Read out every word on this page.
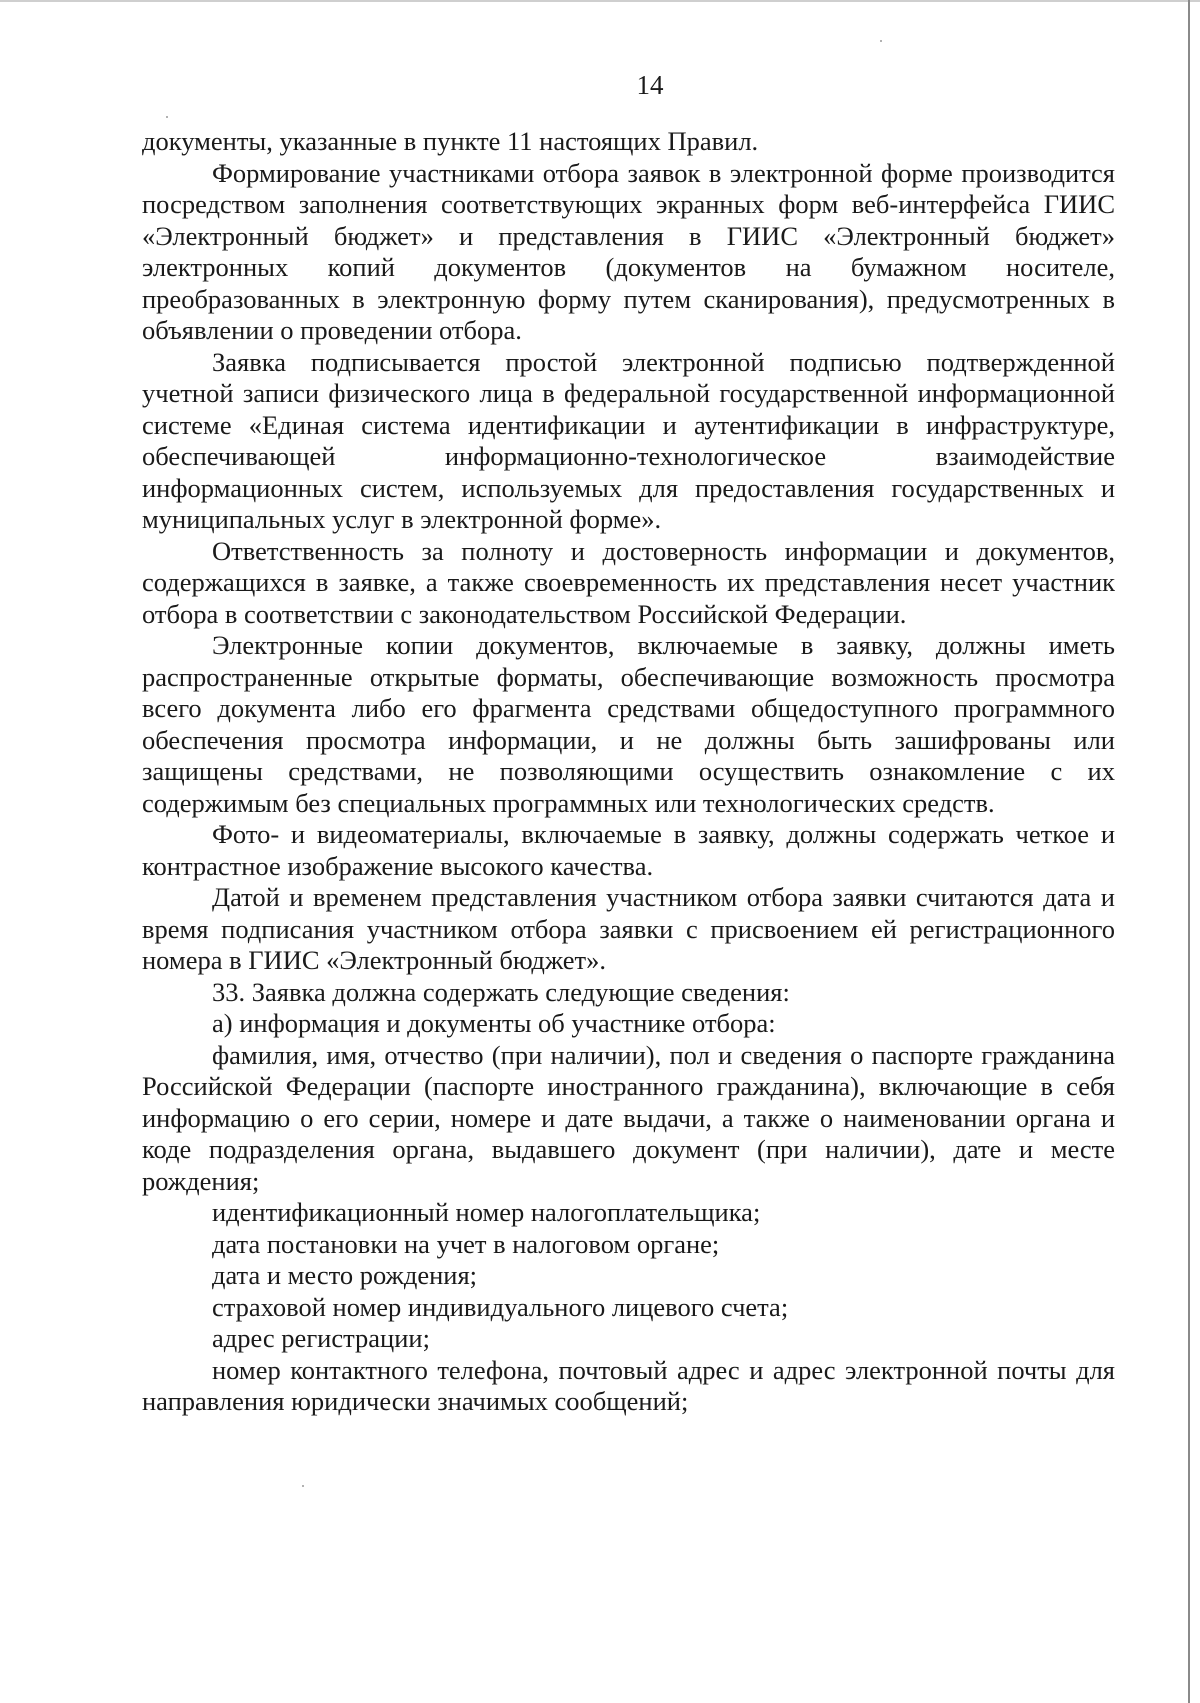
14

документы, указанные в пункте 11 настоящих Правил.

Формирование участниками отбора заявок в электронной форме производится посредством заполнения соответствующих экранных форм веб-интерфейса ГИИС «Электронный бюджет» и представления в ГИИС «Электронный бюджет» электронных копий документов (документов на бумажном носителе, преобразованных в электронную форму путем сканирования), предусмотренных в объявлении о проведении отбора.

Заявка подписывается простой электронной подписью подтвержденной учетной записи физического лица в федеральной государственной информационной системе «Единая система идентификации и аутентификации в инфраструктуре, обеспечивающей информационно-технологическое взаимодействие информационных систем, используемых для предоставления государственных и муниципальных услуг в электронной форме».

Ответственность за полноту и достоверность информации и документов, содержащихся в заявке, а также своевременность их представления несет участник отбора в соответствии с законодательством Российской Федерации.

Электронные копии документов, включаемые в заявку, должны иметь распространенные открытые форматы, обеспечивающие возможность просмотра всего документа либо его фрагмента средствами общедоступного программного обеспечения просмотра информации, и не должны быть зашифрованы или защищены средствами, не позволяющими осуществить ознакомление с их содержимым без специальных программных или технологических средств.

Фото- и видеоматериалы, включаемые в заявку, должны содержать четкое и контрастное изображение высокого качества.

Датой и временем представления участником отбора заявки считаются дата и время подписания участником отбора заявки с присвоением ей регистрационного номера в ГИИС «Электронный бюджет».

33. Заявка должна содержать следующие сведения:

а) информация и документы об участнике отбора:

фамилия, имя, отчество (при наличии), пол и сведения о паспорте гражданина Российской Федерации (паспорте иностранного гражданина), включающие в себя информацию о его серии, номере и дате выдачи, а также о наименовании органа и коде подразделения органа, выдавшего документ (при наличии), дате и месте рождения;

идентификационный номер налогоплательщика;

дата постановки на учет в налоговом органе;

дата и место рождения;

страховой номер индивидуального лицевого счета;

адрес регистрации;

номер контактного телефона, почтовый адрес и адрес электронной почты для направления юридически значимых сообщений;
